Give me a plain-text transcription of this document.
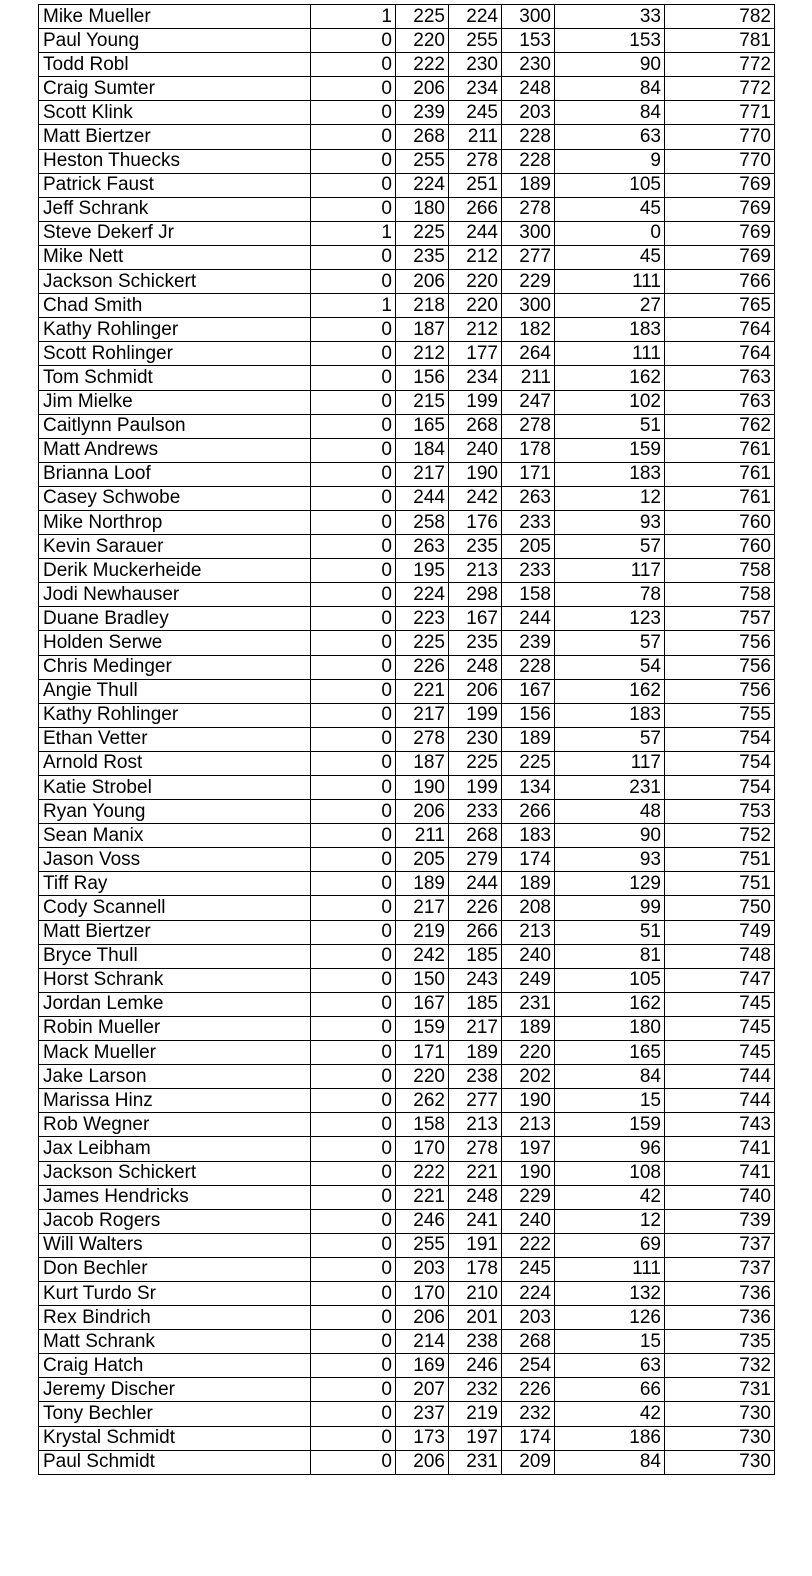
Mike Mueller	1	225	224	300	33	782
Paul Young	0	220	255	153	153	781
Todd Robl	0	222	230	230	90	772
Craig Sumter	0	206	234	248	84	772
Scott Klink	0	239	245	203	84	771
Matt Biertzer	0	268	211	228	63	770
Heston Thuecks	0	255	278	228	9	770
Patrick Faust	0	224	251	189	105	769
Jeff Schrank	0	180	266	278	45	769
Steve Dekerf Jr	1	225	244	300	0	769
Mike Nett	0	235	212	277	45	769
Jackson Schickert	0	206	220	229	111	766
Chad Smith	1	218	220	300	27	765
Kathy Rohlinger	0	187	212	182	183	764
Scott Rohlinger	0	212	177	264	111	764
Tom Schmidt	0	156	234	211	162	763
Jim Mielke	0	215	199	247	102	763
Caitlynn Paulson	0	165	268	278	51	762
Matt Andrews	0	184	240	178	159	761
Brianna Loof	0	217	190	171	183	761
Casey Schwobe	0	244	242	263	12	761
Mike Northrop	0	258	176	233	93	760
Kevin Sarauer	0	263	235	205	57	760
Derik Muckerheide	0	195	213	233	117	758
Jodi Newhauser	0	224	298	158	78	758
Duane Bradley	0	223	167	244	123	757
Holden Serwe	0	225	235	239	57	756
Chris Medinger	0	226	248	228	54	756
Angie Thull	0	221	206	167	162	756
Kathy Rohlinger	0	217	199	156	183	755
Ethan Vetter	0	278	230	189	57	754
Arnold Rost	0	187	225	225	117	754
Katie Strobel	0	190	199	134	231	754
Ryan Young	0	206	233	266	48	753
Sean Manix	0	211	268	183	90	752
Jason Voss	0	205	279	174	93	751
Tiff Ray	0	189	244	189	129	751
Cody Scannell	0	217	226	208	99	750
Matt Biertzer	0	219	266	213	51	749
Bryce Thull	0	242	185	240	81	748
Horst Schrank	0	150	243	249	105	747
Jordan Lemke	0	167	185	231	162	745
Robin Mueller	0	159	217	189	180	745
Mack Mueller	0	171	189	220	165	745
Jake Larson	0	220	238	202	84	744
Marissa Hinz	0	262	277	190	15	744
Rob Wegner	0	158	213	213	159	743
Jax Leibham	0	170	278	197	96	741
Jackson Schickert	0	222	221	190	108	741
James Hendricks	0	221	248	229	42	740
Jacob Rogers	0	246	241	240	12	739
Will Walters	0	255	191	222	69	737
Don Bechler	0	203	178	245	111	737
Kurt Turdo Sr	0	170	210	224	132	736
Rex Bindrich	0	206	201	203	126	736
Matt Schrank	0	214	238	268	15	735
Craig Hatch	0	169	246	254	63	732
Jeremy Discher	0	207	232	226	66	731
Tony Bechler	0	237	219	232	42	730
Krystal Schmidt	0	173	197	174	186	730
Paul Schmidt	0	206	231	209	84	730
